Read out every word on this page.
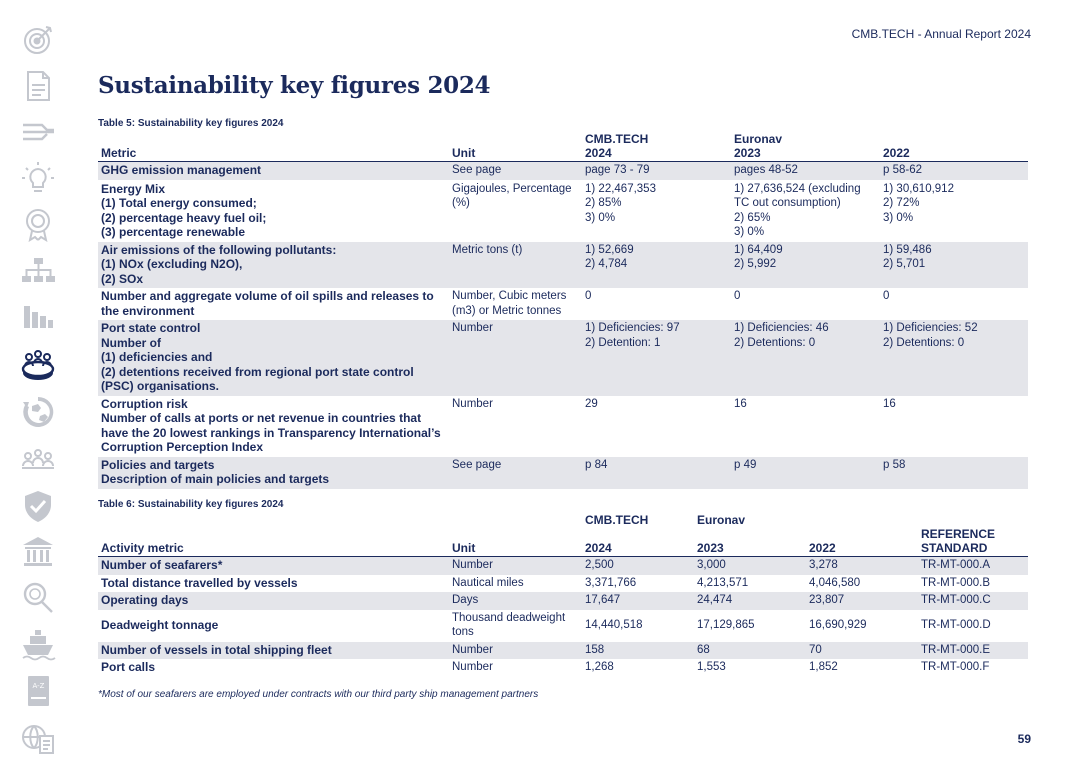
A-Z
CMB.TECH - Annual Report 2024
Sustainability key figures 2024
Table 5: Sustainability key figures 2024
		CMB.TECH	Euronav	
Metric	Unit	2024	2023	2022
GHG emission management	See page	page 73 - 79	pages 48-52	p 58-62
Energy Mix
(1) Total energy consumed;
(2) percentage heavy fuel oil;
(3) percentage renewable	Gigajoules, Percentage (%)	1) 22,467,353
2) 85%
3) 0%	1) 27,636,524 (excluding TC out consumption)
2) 65%
3) 0%	1) 30,610,912
2) 72%
3) 0%
Air emissions of the following pollutants:
(1) NOx (excluding N2O),
(2) SOx	Metric tons (t)	1) 52,669
2) 4,784	1) 64,409
2) 5,992	1) 59,486
2) 5,701
Number and aggregate volume of oil spills and releases to the environment	Number, Cubic meters (m3) or Metric tonnes	0	0	0
Port state control
Number of
(1) deficiencies and
(2) detentions received from regional port state control (PSC) organisations.	Number	1) Deficiencies: 97
2) Detention: 1	1) Deficiencies: 46
2) Detentions: 0	1) Deficiencies: 52
2) Detentions: 0
Corruption risk
Number of calls at ports or net revenue in countries that have the 20 lowest rankings in Transparency International’s Corruption Perception Index	Number	29	16	16
Policies and targets
Description of main policies and targets	See page	p 84	p 49	p 58
Table 6: Sustainability key figures 2024
		CMB.TECH	Euronav		
Activity metric	Unit	2024	2023	2022	REFERENCE
STANDARD
Number of seafarers*	Number	2,500	3,000	3,278	TR-MT-000.A
Total distance travelled by vessels	Nautical miles	3,371,766	4,213,571	4,046,580	TR-MT-000.B
Operating days	Days	17,647	24,474	23,807	TR-MT-000.C
Deadweight tonnage	Thousand deadweight tons	14,440,518	17,129,865	16,690,929	TR-MT-000.D
Number of vessels in total shipping fleet	Number	158	68	70	TR-MT-000.E
Port calls	Number	1,268	1,553	1,852	TR-MT-000.F
*Most of our seafarers are employed under contracts with our third party ship management partners
59
